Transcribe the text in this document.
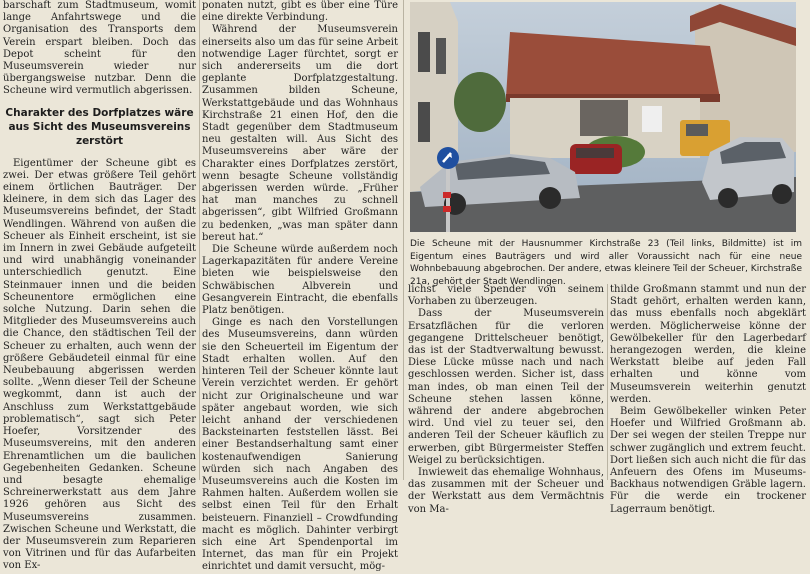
barschaft zum Stadtmuseum, womit lange Anfahrtswege und die Organisation des Transports dem Verein erspart bleiben. Doch das Depot scheint für den Museumsverein wieder nur übergangsweise nutzbar. Denn die Scheune wird vermutlich abgerissen.

Charakter des Dorfplatzes wäre aus Sicht des Museumsvereins zerstört

Eigentümer der Scheune gibt es zwei. Der etwas größere Teil gehört einem örtlichen Bauträger. Der kleinere, in dem sich das Lager des Museumsvereins befindet, der Stadt Wendlingen. Während von außen die Scheuer als Einheit erscheint, ist sie im Innern in zwei Gebäude aufgeteilt und wird unabhängig voneinander unterschiedlich genutzt. Eine Steinmauer innen und die beiden Scheunentore ermöglichen eine solche Nutzung. Darin sehen die Mitglieder des Museumsvereins auch die Chance, den städtischen Teil der Scheuer zu erhalten, auch wenn der größere Gebäudeteil einmal für eine Neubebauung abgerissen werden sollte. „Wenn dieser Teil der Scheune wegkommt, dann ist auch der Anschluss zum Werkstattgebäude problematisch“, sagt sich Peter Hoefer, Vorsitzender des Museumsvereins, mit den anderen Ehrenamtlichen um die baulichen Gegebenheiten Gedanken. Scheune und besagte ehemalige Schreinerwerkstatt aus dem Jahre 1926 gehören aus Sicht des Museumsvereins zusammen. Zwischen Scheune und Werkstatt, die der Museumsverein zum Reparieren von Vitrinen und für das Aufarbeiten von Ex-

ponaten nutzt, gibt es über eine Türe eine direkte Verbindung.

Während der Museumsverein einerseits also um das für seine Arbeit notwendige Lager fürchtet, sorgt er sich andererseits um die dort geplante Dorfplatzgestaltung. Zusammen bilden Scheune, Werkstattgebäude und das Wohnhaus Kirchstraße 21 einen Hof, den die Stadt gegenüber dem Stadtmuseum neu gestalten will. Aus Sicht des Museumsvereins aber wäre der Charakter eines Dorfplatzes zerstört, wenn besagte Scheune vollständig abgerissen werden würde. „Früher hat man manches zu schnell abgerissen“, gibt Wilfried Großmann zu bedenken, „was man später dann bereut hat.“

Die Scheune würde außerdem noch Lagerkapazitäten für andere Vereine bieten wie beispielsweise den Schwäbischen Albverein und Gesangverein Eintracht, die ebenfalls Platz benötigen.

Ginge es nach den Vorstellungen des Museumsvereins, dann würden sie den Scheuerteil im Eigentum der Stadt erhalten wollen. Auf den hinteren Teil der Scheuer könnte laut Verein verzichtet werden. Er gehört nicht zur Originalscheune und war später angebaut worden, wie sich leicht anhand der verschiedenen Backsteinarten feststellen lässt. Bei einer Bestandserhaltung samt einer kostenaufwendigen Sanierung würden sich nach Angaben des Museumsvereins auch die Kosten im Rahmen halten. Außerdem wollen sie selbst einen Teil für den Erhalt beisteuern. Finanziell – Crowdfunding macht es möglich. Dahinter verbirgt sich eine Art Spendenportal im Internet, das man für ein Projekt einrichtet und damit versucht, mög-

Die Scheune mit der Hausnummer Kirchstraße 23 (Teil links, Bildmitte) ist im Eigentum eines Bauträgers und wird aller Voraussicht nach für eine neue Wohnbebauung abgebrochen. Der andere, etwas kleinere Teil der Scheuer, Kirchstraße 21a, gehört der Stadt Wendlingen.

lichst viele Spender von seinem Vorhaben zu überzeugen.

Dass der Museumsverein Ersatzflächen für die verloren gegangene Drittelscheuer benötigt, das ist der Stadtverwaltung bewusst. Diese Lücke müsse nach und nach geschlossen werden. Sicher ist, dass man indes, ob man einen Teil der Scheune stehen lassen könne, während der andere abgebrochen wird. Und viel zu teuer sei, den anderen Teil der Scheuer käuflich zu erwerben, gibt Bürgermeister Steffen Weigel zu berücksichtigen.

Inwieweit das ehemalige Wohnhaus, das zusammen mit der Scheuer und der Werkstatt aus dem Vermächtnis von Ma-

thilde Großmann stammt und nun der Stadt gehört, erhalten werden kann, das muss ebenfalls noch abgeklärt werden. Möglicherweise könne der Gewölbekeller für den Lagerbedarf herangezogen werden, die kleine Werkstatt bleibe auf jeden Fall erhalten und könne vom Museumsverein weiterhin genutzt werden.

Beim Gewölbekeller winken Peter Hoefer und Wilfried Großmann ab. Der sei wegen der steilen Treppe nur schwer zugänglich und extrem feucht. Dort ließen sich auch nicht die für das Anfeuern des Ofens im Museums-Backhaus notwendigen Gräble lagern. Für die werde ein trockener Lagerraum benötigt.
